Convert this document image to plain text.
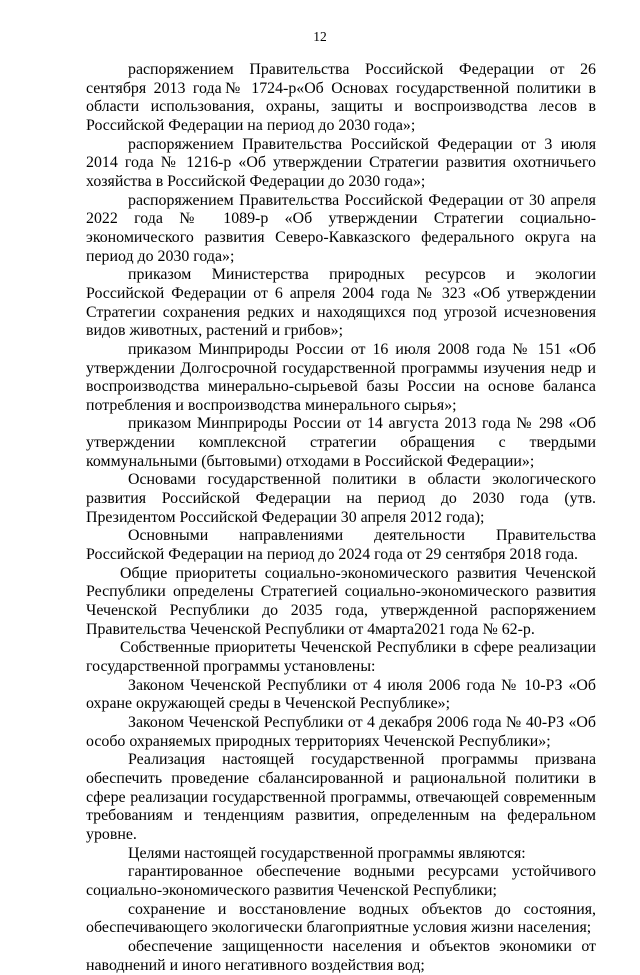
12

распоряжением Правительства Российской Федерации от 26 сентября 2013 года№ 1724-р«Об Основах государственной политики в области использования, охраны, защиты и воспроизводства лесов в Российской Федерации на период до 2030 года»;

распоряжением Правительства Российской Федерации от 3 июля 2014 года № 1216-р «Об утверждении Стратегии развития охотничьего хозяйства в Российской Федерации до 2030 года»;

распоряжением Правительства Российской Федерации от 30 апреля 2022 года № 1089-р «Об утверждении Стратегии социально-экономического развития Северо-Кавказского федерального округа на период до 2030 года»;

приказом Министерства природных ресурсов и экологии Российской Федерации от 6 апреля 2004 года № 323 «Об утверждении Стратегии сохранения редких и находящихся под угрозой исчезновения видов животных, растений и грибов»;

приказом Минприроды России от 16 июля 2008 года № 151 «Об утверждении Долгосрочной государственной программы изучения недр и воспроизводства минерально-сырьевой базы России на основе баланса потребления и воспроизводства минерального сырья»;

приказом Минприроды России от 14 августа 2013 года № 298 «Об утверждении комплексной стратегии обращения с твердыми коммунальными (бытовыми) отходами в Российской Федерации»;

Основами государственной политики в области экологического развития Российской Федерации на период до 2030 года (утв. Президентом Российской Федерации 30 апреля 2012 года);

Основными направлениями деятельности Правительства Российской Федерации на период до 2024 года от 29 сентября 2018 года.

Общие приоритеты социально-экономического развития Чеченской Республики определены Стратегией социально-экономического развития Чеченской Республики до 2035 года, утвержденной распоряжением Правительства Чеченской Республики от 4марта2021 года № 62-р.

Собственные приоритеты Чеченской Республики в сфере реализации государственной программы установлены:

Законом Чеченской Республики от 4 июля 2006 года № 10-РЗ «Об охране окружающей среды в Чеченской Республике»;

Законом Чеченской Республики от 4 декабря 2006 года № 40-РЗ «Об особо охраняемых природных территориях Чеченской Республики»;

Реализация настоящей государственной программы призвана обеспечить проведение сбалансированной и рациональной политики в сфере реализации государственной программы, отвечающей современным требованиям и тенденциям развития, определенным на федеральном уровне.

Целями настоящей государственной программы являются:

гарантированное обеспечение водными ресурсами устойчивого социально-экономического развития Чеченской Республики;

сохранение и восстановление водных объектов до состояния, обеспечивающего экологически благоприятные условия жизни населения;

обеспечение защищенности населения и объектов экономики от наводнений и иного негативного воздействия вод;
